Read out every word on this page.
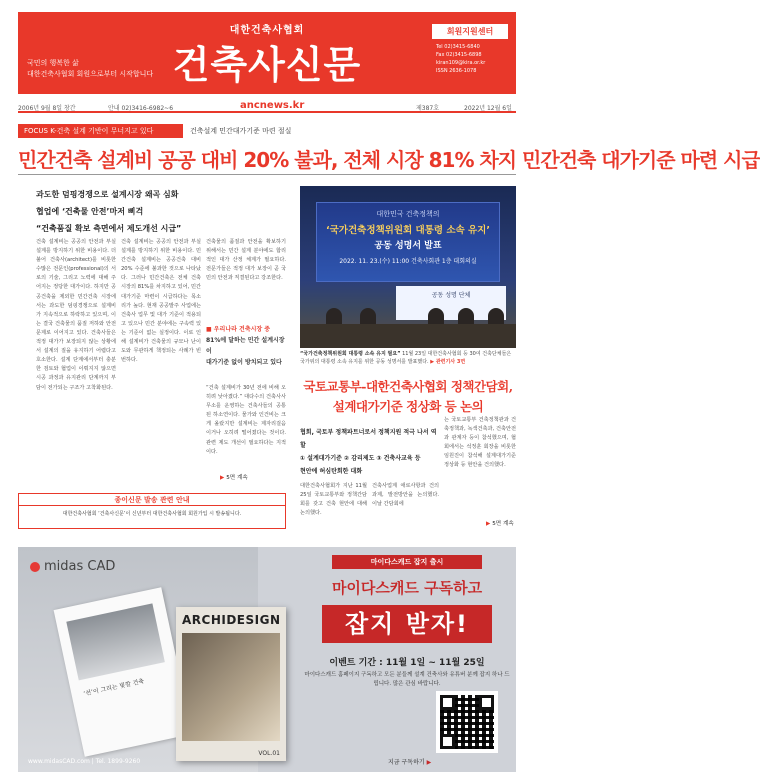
대한건축사협회
건축사신문
국민의 행복한 삶
대한건축사협회 회원으로부터 시작합니다
회원지원센터
Tel 02)3415-6840
Fax 02)3415-6898
kiran109@kira.or.kr
ISSN 2636-1078
2006년 9월 8일 창간	안내 02)3416-6982~6	ancnews.kr	제387호	2022년 12월 6일
FOCUS K-건축 설계 기반이 무너지고 있다	건축설계 민간대가기준 마련 절실
민간건축 설계비 공공 대비 20% 불과, 전체 시장 81% 차지 민간건축 대가기준 마련 시급
과도한 덤핑경쟁으로 설계시장 왜곡 심화
협업에 ‘건축물 안전’마저 삐걱
“건축품질 확보 측면에서 제도개선 시급”
건축 설계비는 공공의 안전과 부실 설계를 방지하기 위한 비용이다. 더불어 건축사(architect)를 비롯한 수많은 전문인(professional)의 서로의 기술, 그리고 노력에 대해 주어지는 정당한 대가이다. 하지만 공공건축을 제외한 민간건축 시장에서는 과도한 덤핑경쟁으로 설계비가 지속적으로 하락하고 있으며, 이는 결국 건축물의 품질 저하와 안전 문제로 이어지고 있다. 건축사들은 적정 대가가 보장되지 않는 상황에서 설계의 질을 유지하기 어렵다고 호소한다. 설계 단계에서부터 충분한 검토와 협업이 이뤄지지 않으면 시공 과정과 유지관리 단계까지 부담이 전가되는 구조가 고착화된다.
건축 설계비는 공공의 안전과 부실 설계를 방지하기 위한 비용이다. 민간건축 설계비는 공공건축 대비 20% 수준에 불과한 것으로 나타났다. 그러나 민간건축은 전체 건축 시장의 81%를 차지하고 있어, 민간 대가기준 마련이 시급하다는 목소리가 높다. 현재 공공발주 사업에는 건축사 업무 및 대가 기준이 적용되고 있으나 민간 분야에는 구속력 있는 기준이 없는 실정이다. 이로 인해 설계비가 건축물의 규모나 난이도와 무관하게 책정되는 사례가 빈번하다.
건축물의 품질과 안전을 확보하기 위해서는 민간 설계 분야에도 합리적인 대가 산정 체계가 필요하다. 전문가들은 적정 대가 보장이 곧 국민의 안전과 직결된다고 강조한다.
■ 우리나라 건축시장 중
81%에 달하는 민간 설계시장이
대가기준 없이 방치되고 있다
“건축 설계비가 30년 전에 비해 오히려 낮아졌다.” 대다수의 건축사사무소를 운영하는 건축사들의 공통된 하소연이다. 물가와 인건비는 크게 올랐지만 설계비는 제자리걸음이거나 오히려 떨어졌다는 것이다. 관련 제도 개선이 필요하다는 지적이다.
▶ 5면 계속
대한민국 건축정책의
‘국가건축정책위원회 대통령 소속 유지’
공동 성명서 발표
2022. 11. 23.(수) 11:00 건축사회관 1층 대회의실
공동 성명 단체
“국가건축정책위원회 대통령 소속 유지 필요” 11월 23일 대한건축사협회 등 30여 건축단체들은 국가위의 대통령 소속 유지를 위한 공동 성명서를 발표했다. ▶ 관련기사 3면
국토교통부-대한건축사협회 정책간담회,
설계대가기준 정상화 등 논의
협회, 국토부 정책파트너로서 정책지원 적극 나서 역할
① 설계대가기준 ② 감리제도 ③ 건축사교육 등
현안에 허심탄회한 대화
대한건축사협회가 지난 11월 25일 국토교통부와 정책간담회를 갖고 건축 현안에 대해 논의했다.
건축사업계 애로사항과 건의과제, 발전방안을 논의했다. 이날 간담회에
는 국토교통부 건축정책관과 건축정책과, 녹색건축과, 건축안전과 관계자 등이 참석했으며, 협회에서는 석정훈 회장을 비롯한 임원진이 참석해 설계대가기준 정상화 등 현안을 건의했다.
▶ 5면 계속
종이신문 발송 관련 안내
대한건축사협회 ‘건축사신문’이 신년부터 대한건축사협회 회원가입 시 발송됩니다.
midas CAD
‘선’이 그리는 빛깔 건축
ARCHIDESIGN
VOL.01
www.midasCAD.com | Tel. 1899-9260
마이다스캐드 잡지 출시
마이다스캐드 구독하고
잡지 받자!
이벤트 기간 : 11월 1일 ~ 11월 25일
마이다스캐드 홈페이지 구독하고 모든 분들께 설계 건축사와 유튜버 분께 잡지 하나 드립니다. 많은 관심 바랍니다.
지금 구독하기 ▶
